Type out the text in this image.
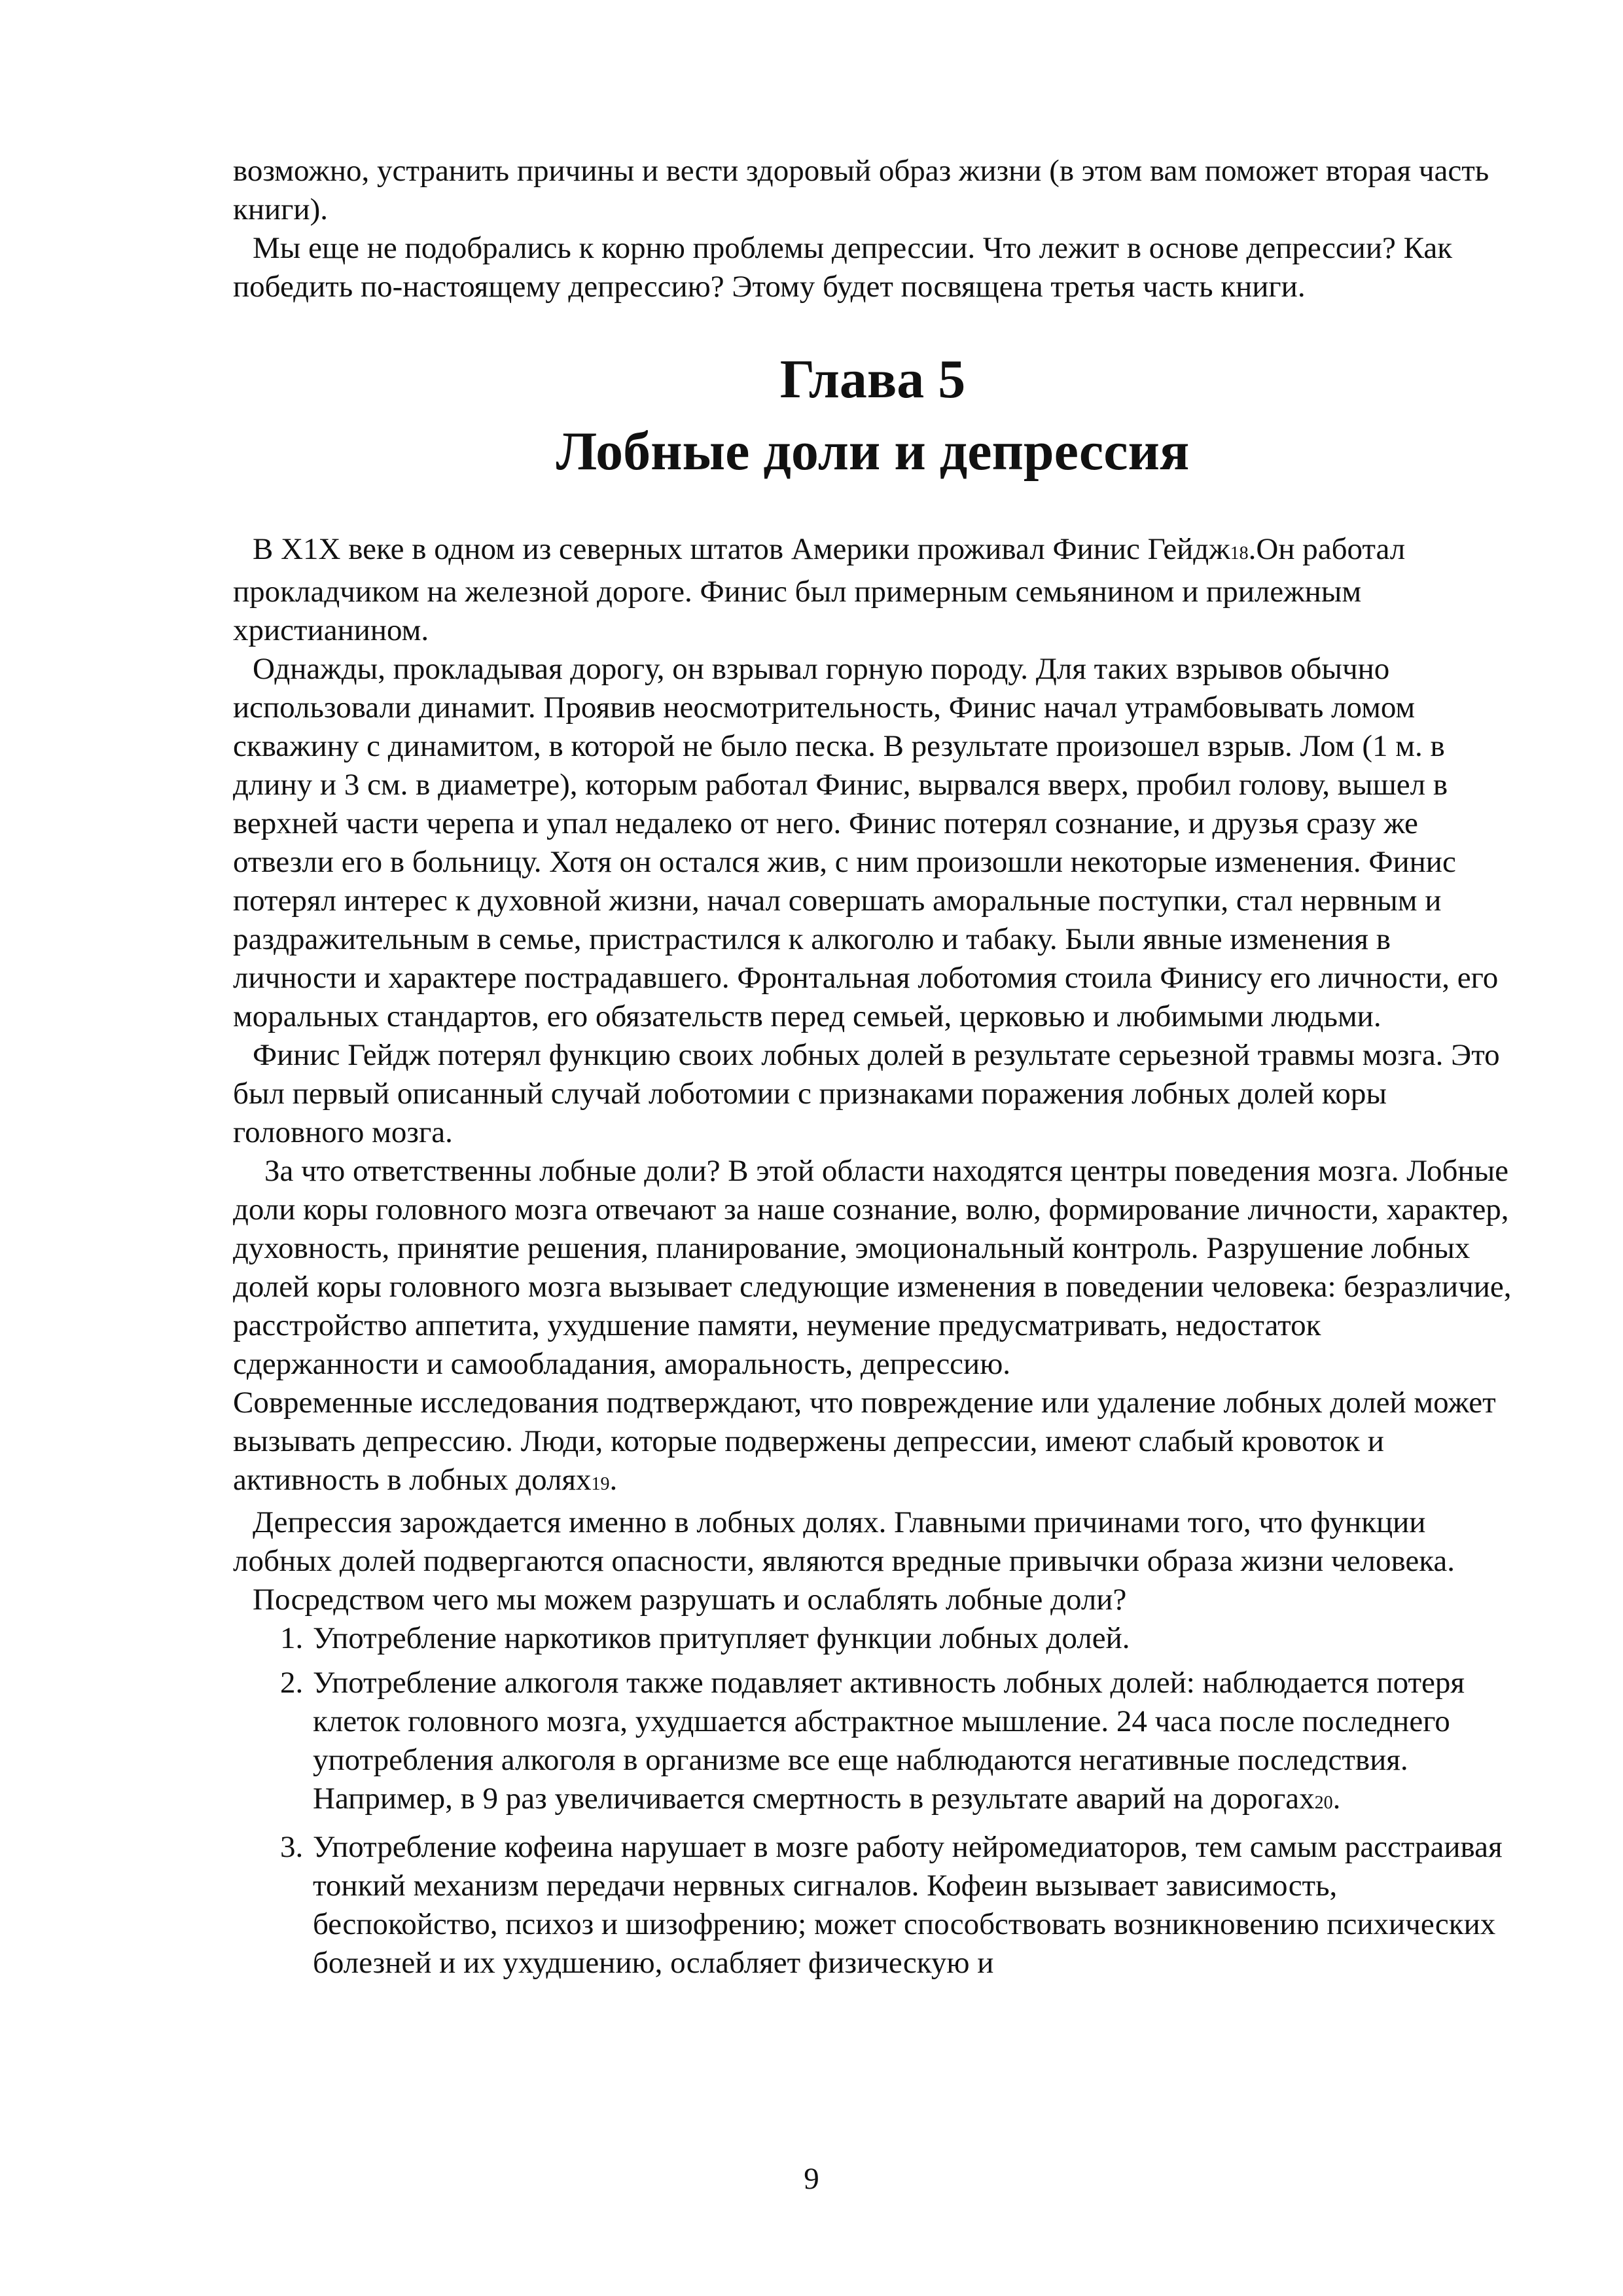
возможно, устранить причины и вести здоровый образ жизни (в этом вам поможет вторая часть книги).

Мы еще не подобрались к корню проблемы депрессии. Что лежит в основе депрессии? Как победить по-настоящему депрессию? Этому будет посвящена третья часть книги.

Глава 5
Лобные доли и депрессия

В X1X веке в одном из северных штатов Америки проживал Финис Гейдж18.Он работал прокладчиком на железной дороге. Финис был примерным семьянином и прилежным христианином.

Однажды, прокладывая дорогу, он взрывал горную породу. Для таких взрывов обычно использовали динамит. Проявив неосмотрительность, Финис начал утрамбовывать ломом скважину с динамитом, в которой не было песка. В результате произошел взрыв. Лом (1 м. в длину и 3 см. в диаметре), которым работал Финис, вырвался вверх, пробил голову, вышел в верхней части черепа и упал недалеко от него. Финис потерял сознание, и друзья сразу же отвезли его в больницу. Хотя он остался жив, с ним произошли некоторые изменения. Финис потерял интерес к духовной жизни, начал совершать аморальные поступки, стал нервным и раздражительным в семье, пристрастился к алкоголю и табаку. Были явные изменения в личности и характере пострадавшего. Фронтальная лоботомия стоила Финису его личности, его моральных стандартов, его обязательств перед семьей, церковью и любимыми людьми.

Финис Гейдж потерял функцию своих лобных долей в результате серьезной травмы мозга. Это был первый описанный случай лоботомии с признаками поражения лобных долей коры головного мозга.

За что ответственны лобные доли? В этой области находятся центры поведения мозга. Лобные доли коры головного мозга отвечают за наше сознание, волю, формирование личности, характер, духовность, принятие решения, планирование, эмоциональный контроль. Разрушение лобных долей коры головного мозга вызывает следующие изменения в поведении человека: безразличие, расстройство аппетита, ухудшение памяти, неумение предусматривать, недостаток сдержанности и самообладания, аморальность, депрессию.

Современные исследования подтверждают, что повреждение или удаление лобных долей может вызывать депрессию. Люди, которые подвержены депрессии, имеют слабый кровоток и активность в лобных долях19.

Депрессия зарождается именно в лобных долях. Главными причинами того, что функции лобных долей подвергаются опасности, являются вредные привычки образа жизни человека.

Посредством чего мы можем разрушать и ослаблять лобные доли?

1. Употребление наркотиков притупляет функции лобных долей.
2. Употребление алкоголя также подавляет активность лобных долей: наблюдается потеря клеток головного мозга, ухудшается абстрактное мышление. 24 часа после последнего употребления алкоголя в организме все еще наблюдаются негативные последствия. Например, в 9 раз увеличивается смертность в результате аварий на дорогах20.
3. Употребление кофеина нарушает в мозге работу нейромедиаторов, тем самым расстраивая тонкий механизм передачи нервных сигналов. Кофеин вызывает зависимость, беспокойство, психоз и шизофрению; может способствовать возникновению психических болезней и их ухудшению, ослабляет физическую и
9
